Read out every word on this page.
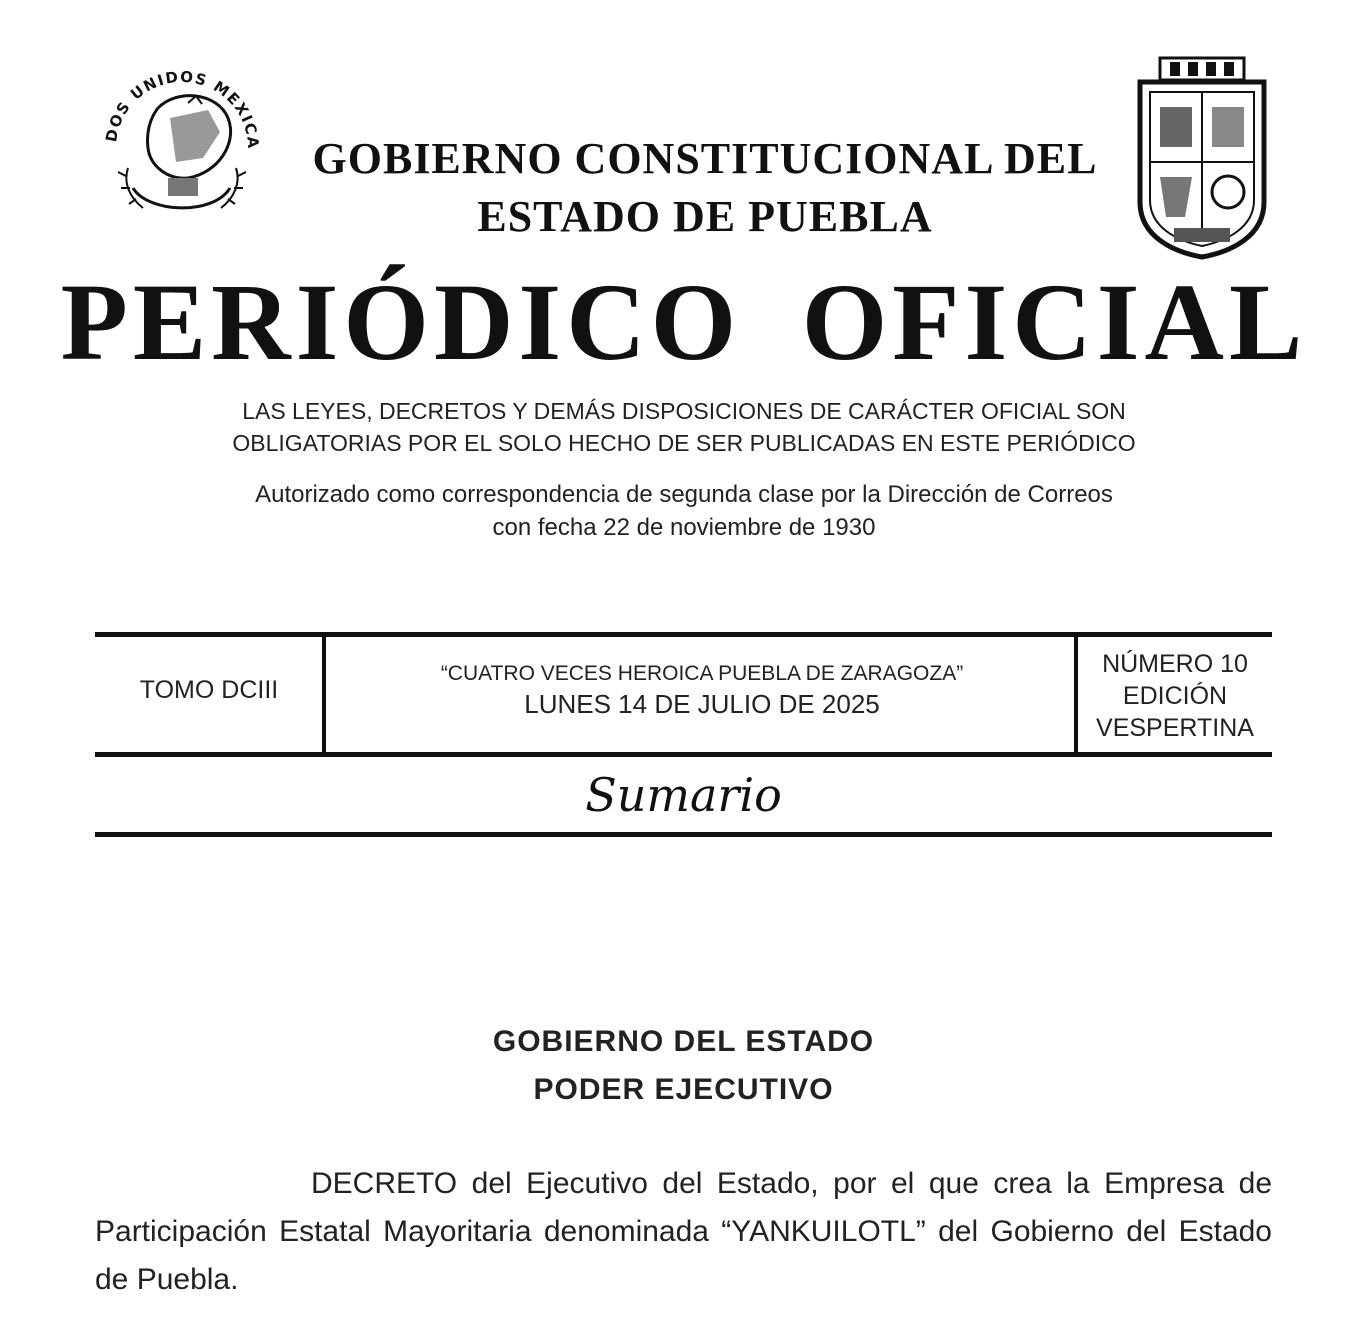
DOS UNIDOS MEXICA	GOBIERNO CONSTITUCIONAL DEL
ESTADO DE PUEBLA
PERIÓDICO OFICIAL
LAS LEYES, DECRETOS Y DEMÁS DISPOSICIONES DE CARÁCTER OFICIAL SON
OBLIGATORIAS POR EL SOLO HECHO DE SER PUBLICADAS EN ESTE PERIÓDICO
Autorizado como correspondencia de segunda clase por la Dirección de Correos
con fecha 22 de noviembre de 1930
TOMO DCIII
“CUATRO VECES HEROICA PUEBLA DE ZARAGOZA”
LUNES 14 DE JULIO DE 2025
NÚMERO 10
EDICIÓN
VESPERTINA
Sumario
GOBIERNO DEL ESTADO
PODER EJECUTIVO
DECRETO del Ejecutivo del Estado, por el que crea la Empresa de Participación Estatal Mayoritaria denominada “YANKUILOTL” del Gobierno del Estado de Puebla.
